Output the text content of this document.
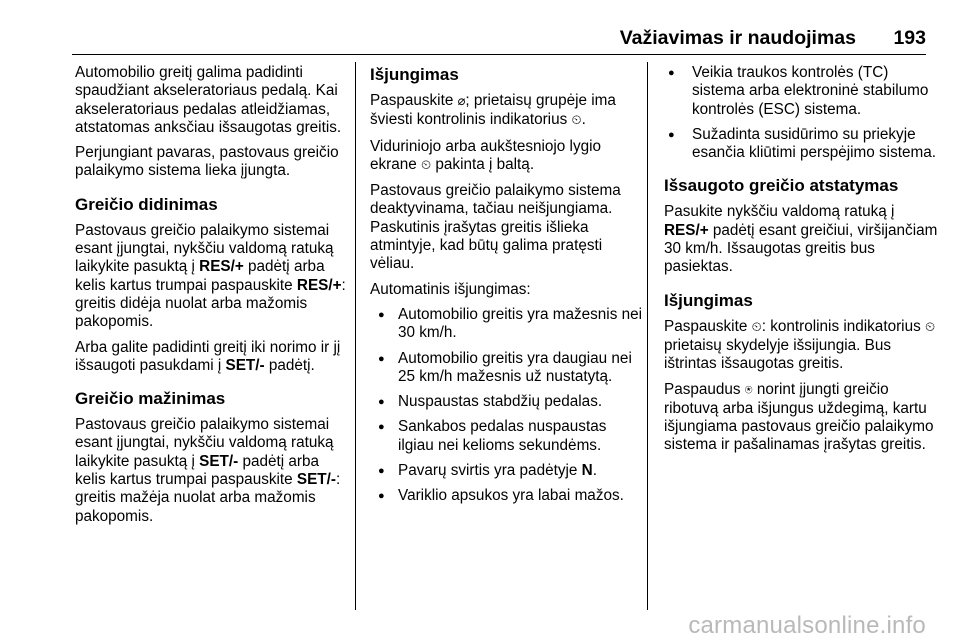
Važiavimas ir naudojimas 193

Automobilio greitį galima padidinti spaudžiant akseleratoriaus pedalą. Kai akseleratoriaus pedalas atleidžiamas, atstatomas anksčiau išsaugotas greitis.

Perjungiant pavaras, pastovaus greičio palaikymo sistema lieka įjungta.

Greičio didinimas

Pastovaus greičio palaikymo sistemai esant įjungtai, nykščiu valdomą ratuką laikykite pasuktą į RES/+ padėtį arba kelis kartus trumpai paspauskite RES/+: greitis didėja nuolat arba mažomis pakopomis.

Arba galite padidinti greitį iki norimo ir jį išsaugoti pasukdami į SET/- padėtį.

Greičio mažinimas

Pastovaus greičio palaikymo sistemai esant įjungtai, nykščiu valdomą ratuką laikykite pasuktą į SET/- padėtį arba kelis kartus trumpai paspauskite SET/-: greitis mažėja nuolat arba mažomis pakopomis.

Išjungimas

Paspauskite ⌀; prietaisų grupėje ima šviesti kontrolinis indikatorius ⏲.

Viduriniojo arba aukštesniojo lygio ekrane ⏲ pakinta į baltą.

Pastovaus greičio palaikymo sistema deaktyvinama, tačiau neišjungiama. Paskutinis įrašytas greitis išlieka atmintyje, kad būtų galima pratęsti vėliau.

Automatinis išjungimas:

● Automobilio greitis yra mažesnis nei 30 km/h.
● Automobilio greitis yra daugiau nei 25 km/h mažesnis už nustatytą.
● Nuspaustas stabdžių pedalas.
● Sankabos pedalas nuspaustas ilgiau nei kelioms sekundėms.
● Pavarų svirtis yra padėtyje N.
● Variklio apsukos yra labai mažos.
● Veikia traukos kontrolės (TC) sistema arba elektroninė stabilumo kontrolės (ESC) sistema.
● Sužadinta susidūrimo su priekyje esančia kliūtimi perspėjimo sistema.
Išsaugoto greičio atstatymas

Pasukite nykščiu valdomą ratuką į RES/+ padėtį esant greičiui, viršijančiam 30 km/h. Išsaugotas greitis bus pasiektas.

Išjungimas

Paspauskite ⏲: kontrolinis indikatorius ⏲ prietaisų skydelyje išsijungia. Bus ištrintas išsaugotas greitis.

Paspaudus ⍟ norint įjungti greičio ribotuvą arba išjungus uždegimą, kartu išjungiama pastovaus greičio palaikymo sistema ir pašalinamas įrašytas greitis.

carmanualsonline.info
